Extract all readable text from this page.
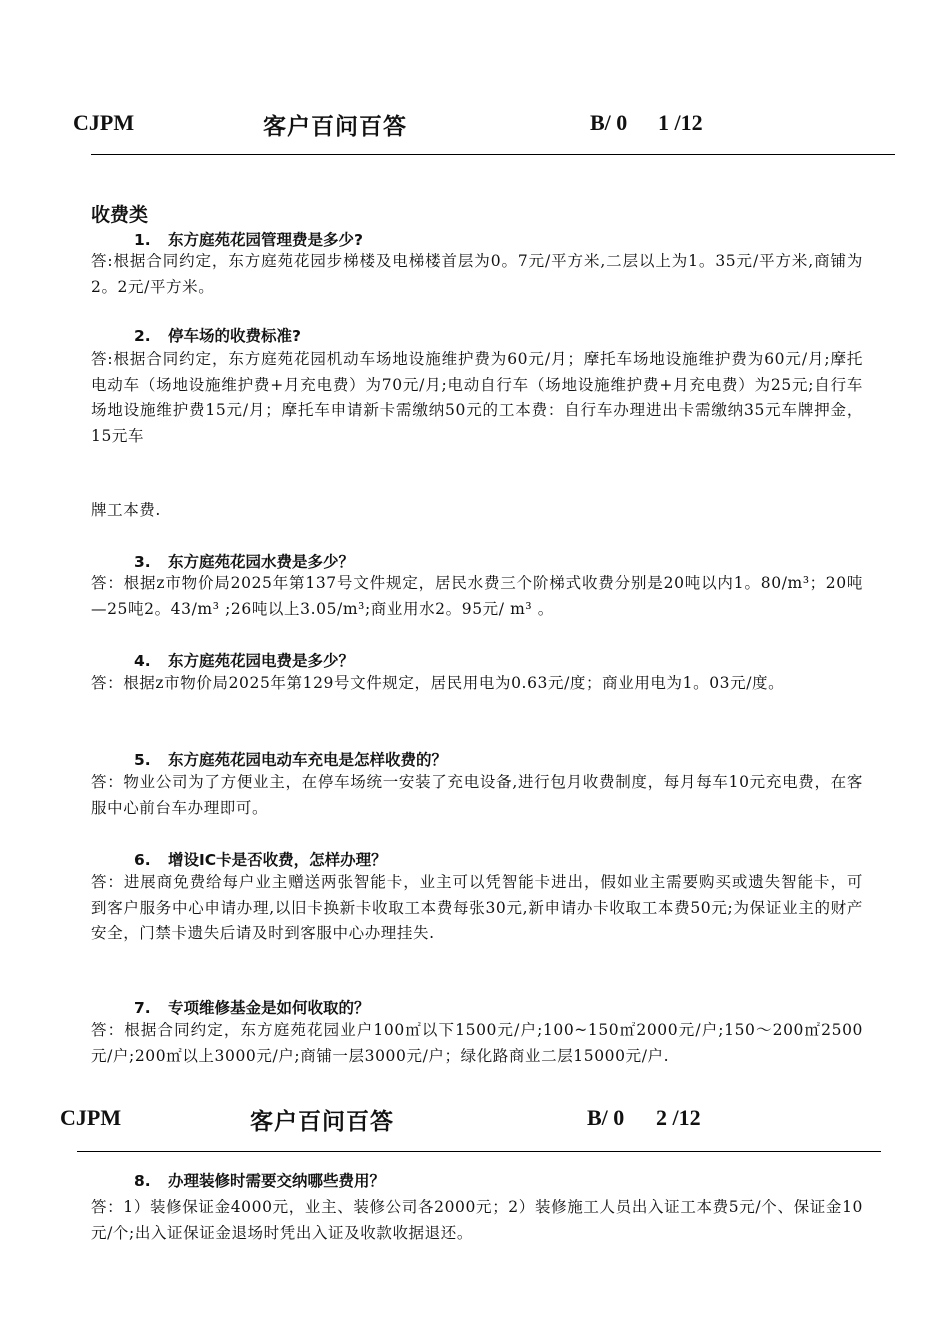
CJPM	客户百问百答	B/ 0 1 /12
收费类
1. 东方庭苑花园管理费是多少?
答:根据合同约定，东方庭苑花园步梯楼及电梯楼首层为0。7元/平方米,二层以上为1。35元/平方米,商铺为2。2元/平方米。
2. 停车场的收费标准?
答:根据合同约定，东方庭苑花园机动车场地设施维护费为60元/月；摩托车场地设施维护费为60元/月;摩托电动车（场地设施维护费+月充电费）为70元/月;电动自行车（场地设施维护费+月充电费）为25元;自行车场地设施维护费15元/月；摩托车申请新卡需缴纳50元的工本费：自行车办理进出卡需缴纳35元车牌押金，15元车
牌工本费.
3. 东方庭苑花园水费是多少？
答：根据z市物价局2025年第137号文件规定，居民水费三个阶梯式收费分别是20吨以内1。80/m³；20吨—25吨2。43/m³ ;26吨以上3.05/m³;商业用水2。95元/ m³ 。
4. 东方庭苑花园电费是多少？
答：根据z市物价局2025年第129号文件规定，居民用电为0.63元/度；商业用电为1。03元/度。
5. 东方庭苑花园电动车充电是怎样收费的？
答：物业公司为了方便业主，在停车场统一安装了充电设备,进行包月收费制度，每月每车10元充电费，在客服中心前台车办理即可。
6. 增设IC卡是否收费，怎样办理？
答：进展商免费给每户业主赠送两张智能卡，业主可以凭智能卡进出，假如业主需要购买或遗失智能卡，可到客户服务中心申请办理,以旧卡换新卡收取工本费每张30元,新申请办卡收取工本费50元;为保证业主的财产安全，门禁卡遗失后请及时到客服中心办理挂失.
7. 专项维修基金是如何收取的？
答：根据合同约定，东方庭苑花园业户100㎡以下1500元/户;100~150㎡2000元/户;150～200㎡2500元/户;200㎡以上3000元/户;商铺一层3000元/户；绿化路商业二层15000元/户.
CJPM	客户百问百答	B/ 0 2 /12
8. 办理装修时需要交纳哪些费用？
答：1）装修保证金4000元，业主、装修公司各2000元；2）装修施工人员出入证工本费5元/个、保证金10元/个;出入证保证金退场时凭出入证及收款收据退还。
